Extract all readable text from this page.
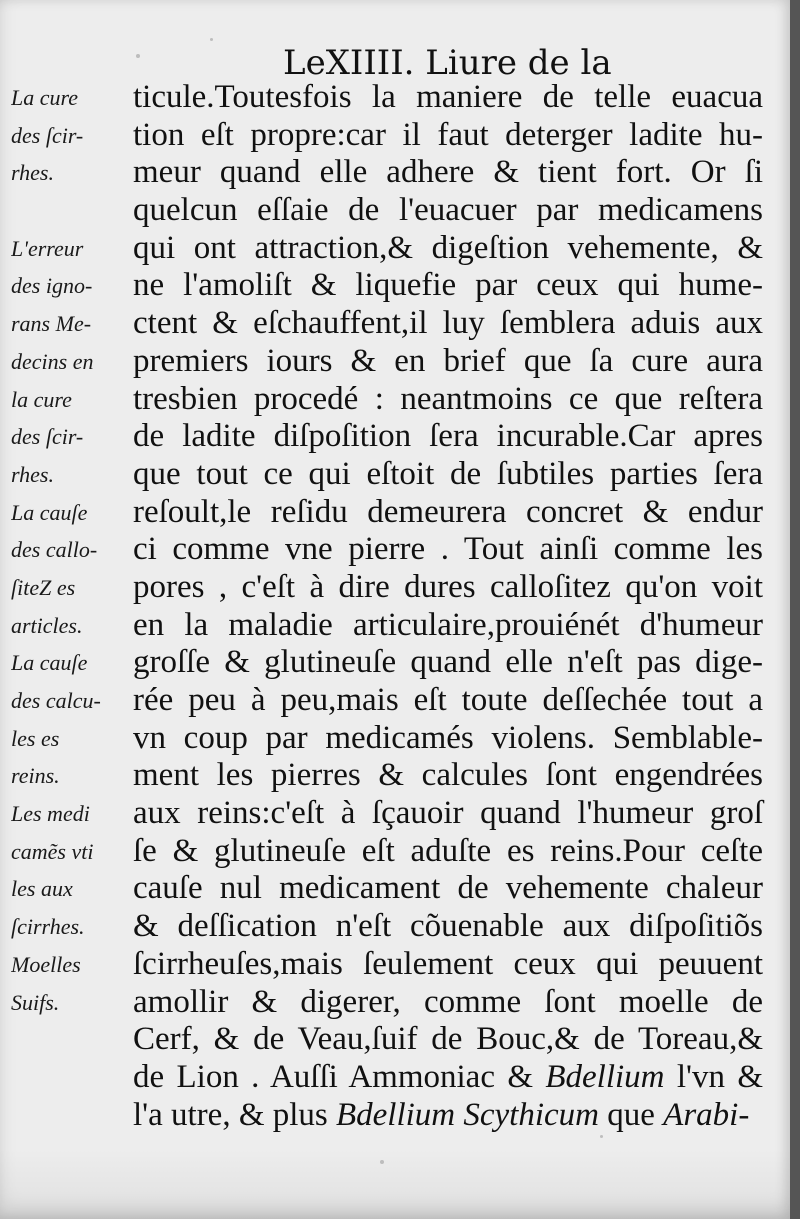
LeXIIII. Liure de la
La cure
des ſcir-
rhes.
L'erreur
des igno-
rans Me-
decins en
la cure
des ſcir-
rhes.
La cauſe
des callo-
ſiteZ es
articles.
La cauſe
des calcu-
les es
reins.
Les medi
camẽs vti
les aux
ſcirrhes.
Moelles
Suifs.
ticule.Toutesfois la maniere de telle euacua
tion eſt propre:car il faut deterger ladite hu-
meur quand elle adhere & tient fort. Or ſi
quelcun eſſaie de l'euacuer par medicamens
qui ont attraction,& digeſtion vehemente, &
ne l'amoliſt & liquefie par ceux qui hume-
ctent & eſchauffent,il luy ſemblera aduis aux
premiers iours & en brief que ſa cure aura
tresbien procedé : neantmoins ce que reſtera
de ladite diſpoſition ſera incurable.Car apres
que tout ce qui eſtoit de ſubtiles parties ſera
reſoult,le reſidu demeurera concret & endur
ci comme vne pierre . Tout ainſi comme les
pores , c'eſt à dire dures calloſitez qu'on voit
en la maladie articulaire,prouiénét d'humeur
groſſe & glutineuſe quand elle n'eſt pas dige-
rée peu à peu,mais eſt toute deſſechée tout a
vn coup par medicamés violens. Semblable-
ment les pierres & calcules ſont engendrées
aux reins:c'eſt à ſçauoir quand l'humeur groſ
ſe & glutineuſe eſt aduſte es reins.Pour ceſte
cauſe nul medicament de vehemente chaleur
& deſſication n'eſt cõuenable aux diſpoſitiõs
ſcirrheuſes,mais ſeulement ceux qui peuuent
amollir & digerer, comme ſont moelle de
Cerf, & de Veau,ſuif de Bouc,& de Toreau,&
de Lion . Auſſi Ammoniac & Bdellium l'vn &
l'a utre, & plus Bdellium Scythicum que Arabi-
